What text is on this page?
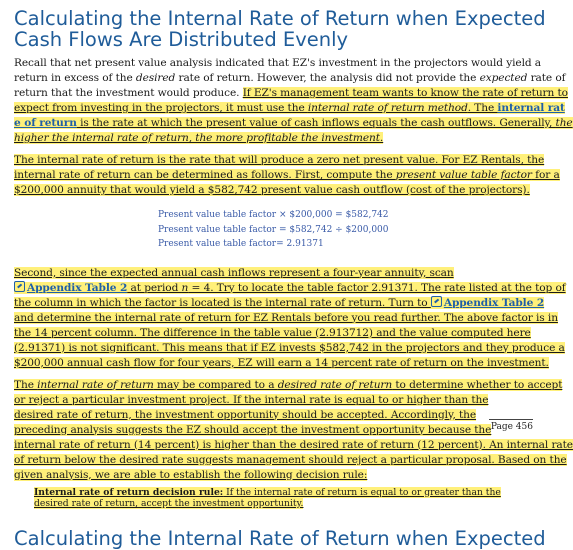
Calculating the Internal Rate of Return when Expected
Cash Flows Are Distributed Evenly
Recall that net present value analysis indicated that EZ's investment in the projectors would yield a
return in excess of the desired rate of return. However, the analysis did not provide the expected rate of
return that the investment would produce. If EZ's management team wants to know the rate of return to
expect from investing in the projectors, it must use the internal rate of return method. The internal rat
e of return is the rate at which the present value of cash inflows equals the cash outflows. Generally, the
higher the internal rate of return, the more profitable the investment.
The internal rate of return is the rate that will produce a zero net present value. For EZ Rentals, the
internal rate of return can be determined as follows. First, compute the present value table factor for a
$200,000 annuity that would yield a $582,742 present value cash outflow (cost of the projectors).
Present value table factor × $200,000 = $582,742
Present value table factor = $582,742 ÷ $200,000
Present value table factor= 2.91371
Second, since the expected annual cash inflows represent a four-year annuity, scan
Appendix Table 2 at period n = 4. Try to locate the table factor 2.91371. The rate listed at the top of
the column in which the factor is located is the internal rate of return. Turn to Appendix Table 2
and determine the internal rate of return for EZ Rentals before you read further. The above factor is in
the 14 percent column. The difference in the table value (2.913712) and the value computed here
(2.91371) is not significant. This means that if EZ invests $582,742 in the projectors and they produce a
$200,000 annual cash flow for four years, EZ will earn a 14 percent rate of return on the investment.
The internal rate of return may be compared to a desired rate of return to determine whether to accept
or reject a particular investment project. If the internal rate is equal to or higher than the
desired rate of return, the investment opportunity should be accepted. Accordingly, the
preceding analysis suggests the EZ should accept the investment opportunity because the
internal rate of return (14 percent) is higher than the desired rate of return (12 percent). An internal rate
of return below the desired rate suggests management should reject a particular proposal. Based on the
given analysis, we are able to establish the following decision rule:
Internal rate of return decision rule: If the internal rate of return is equal to or greater than the
desired rate of return, accept the investment opportunity.
Page 456
Calculating the Internal Rate of Return when Expected
